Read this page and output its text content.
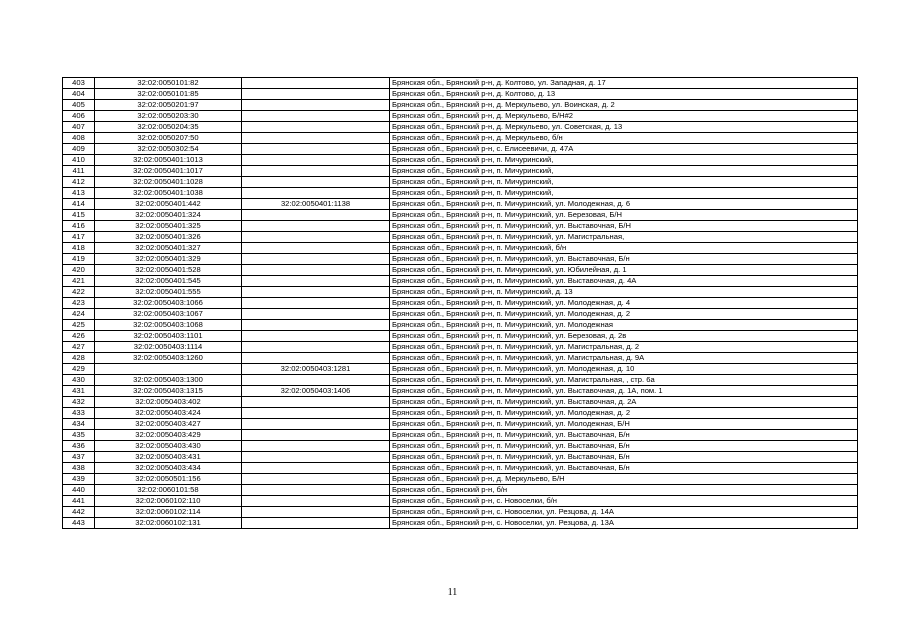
403	32:02:0050101:82		Брянская обл., Брянский р-н, д. Колтово, ул. Западная, д. 17
404	32:02:0050101:85		Брянская обл., Брянский р-н, д. Колтово, д. 13
405	32:02:0050201:97		Брянская обл., Брянский р-н, д. Меркульево, ул. Воинская, д. 2
406	32:02:0050203:30		Брянская обл., Брянский р-н, д. Меркульево, Б/Н#2
407	32:02:0050204:35		Брянская обл., Брянский р-н, д. Меркульево, ул. Советская, д. 13
408	32:02:0050207:50		Брянская обл., Брянский р-н, д. Меркульево, б/н
409	32:02:0050302:54		Брянская обл., Брянский р-н, с. Елисеевичи, д. 47А
410	32:02:0050401:1013		Брянская обл., Брянский р-н, п. Мичуринский,
411	32:02:0050401:1017		Брянская обл., Брянский р-н, п. Мичуринский,
412	32:02:0050401:1028		Брянская обл., Брянский р-н, п. Мичуринский,
413	32:02:0050401:1038		Брянская обл., Брянский р-н, п. Мичуринский,
414	32:02:0050401:442	32:02:0050401:1138	Брянская обл., Брянский р-н, п. Мичуринский, ул. Молодежная, д. 6
415	32:02:0050401:324		Брянская обл., Брянский р-н, п. Мичуринский, ул. Березовая, Б/Н
416	32:02:0050401:325		Брянская обл., Брянский р-н, п. Мичуринский, ул. Выставочная, Б/Н
417	32:02:0050401:326		Брянская обл., Брянский р-н, п. Мичуринский, ул. Магистральная,
418	32:02:0050401:327		Брянская обл., Брянский р-н, п. Мичуринский, б/н
419	32:02:0050401:329		Брянская обл., Брянский р-н, п. Мичуринский, ул. Выставочная, Б/н
420	32:02:0050401:528		Брянская обл., Брянский р-н, п. Мичуринский, ул. Юбилейная, д. 1
421	32:02:0050401:545		Брянская обл., Брянский р-н, п. Мичуринский, ул. Выставочная, д. 4А
422	32:02:0050401:555		Брянская обл., Брянский р-н, п. Мичуринский, д. 13
423	32:02:0050403:1066		Брянская обл., Брянский р-н, п. Мичуринский, ул. Молодежная, д. 4
424	32:02:0050403:1067		Брянская обл., Брянский р-н, п. Мичуринский, ул. Молодежная, д. 2
425	32:02:0050403:1068		Брянская обл., Брянский р-н, п. Мичуринский, ул. Молодежная
426	32:02:0050403:1101		Брянская обл., Брянский р-н, п. Мичуринский, ул. Березовая, д. 2в
427	32:02:0050403:1114		Брянская обл., Брянский р-н, п. Мичуринский, ул. Магистральная, д. 2
428	32:02:0050403:1260		Брянская обл., Брянский р-н, п. Мичуринский, ул. Магистральная, д. 9А
429		32:02:0050403:1281	Брянская обл., Брянский р-н, п. Мичуринский, ул. Молодежная, д. 10
430	32:02:0050403:1300		Брянская обл., Брянский р-н, п. Мичуринский, ул. Магистральная, , стр. 6а
431	32:02:0050403:1315	32:02:0050403:1406	Брянская обл., Брянский р-н, п. Мичуринский, ул. Выставочная, д. 1А, пом. 1
432	32:02:0050403:402		Брянская обл., Брянский р-н, п. Мичуринский, ул. Выставочная, д. 2А
433	32:02:0050403:424		Брянская обл., Брянский р-н, п. Мичуринский, ул. Молодежная, д. 2
434	32:02:0050403:427		Брянская обл., Брянский р-н, п. Мичуринский, ул. Молодежная, Б/Н
435	32:02:0050403:429		Брянская обл., Брянский р-н, п. Мичуринский, ул. Выставочная, Б/н
436	32:02:0050403:430		Брянская обл., Брянский р-н, п. Мичуринский, ул. Выставочная, Б/н
437	32:02:0050403:431		Брянская обл., Брянский р-н, п. Мичуринский, ул. Выставочная, Б/н
438	32:02:0050403:434		Брянская обл., Брянский р-н, п. Мичуринский, ул. Выставочная, Б/н
439	32:02:0050501:156		Брянская обл., Брянский р-н, д. Меркульево, Б/Н
440	32:02:0060101:58		Брянская обл., Брянский р-н, б/н
441	32:02:0060102:110		Брянская обл., Брянский р-н, с. Новоселки, б/н
442	32:02:0060102:114		Брянская обл., Брянский р-н, с. Новоселки, ул. Резцова, д. 14А
443	32:02:0060102:131		Брянская обл., Брянский р-н, с. Новоселки, ул. Резцова, д. 13А
11
